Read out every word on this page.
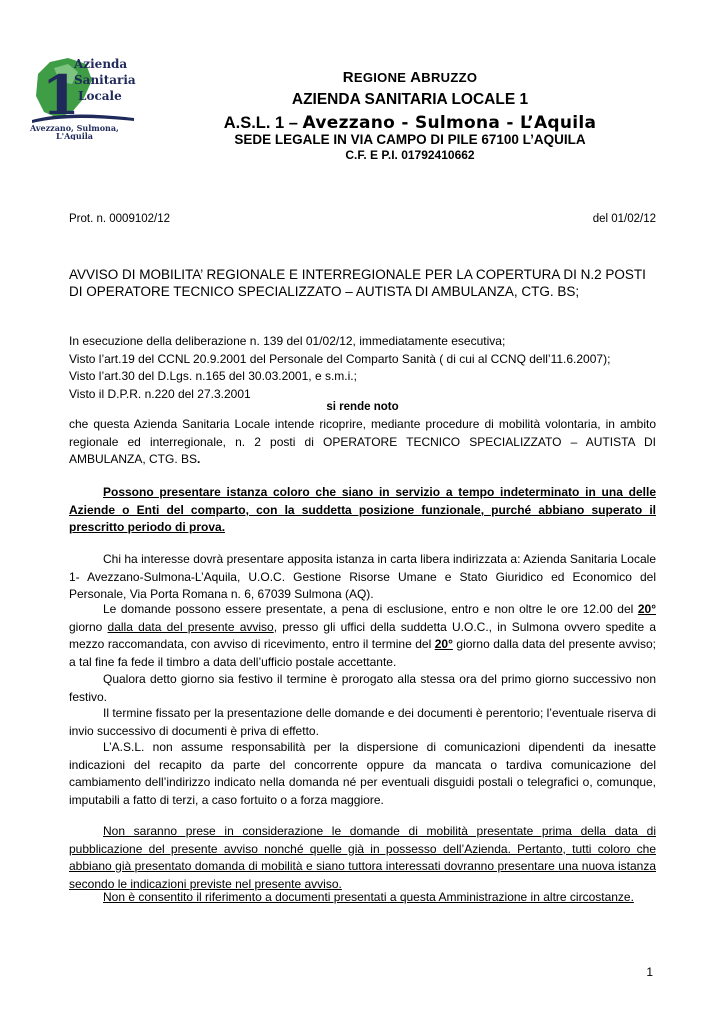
1
Azienda
Sanitaria
Locale
Avezzano, Sulmona,
L'Aquila
REGIONE ABRUZZO
AZIENDA SANITARIA LOCALE 1
A.S.L. 1 – Avezzano - Sulmona - L’Aquila
SEDE LEGALE IN VIA CAMPO DI PILE 67100 L’AQUILA
C.F. E P.I. 01792410662
Prot. n. 0009102/12	del 01/02/12
AVVISO DI MOBILITA’ REGIONALE E INTERREGIONALE PER LA COPERTURA DI N.2 POSTI DI OPERATORE TECNICO SPECIALIZZATO – AUTISTA DI AMBULANZA, CTG. BS;
In esecuzione della deliberazione n. 139 del 01/02/12, immediatamente esecutiva;
Visto l’art.19 del CCNL 20.9.2001 del Personale del Comparto Sanità ( di cui al CCNQ dell’11.6.2007);
Visto l’art.30 del D.Lgs. n.165 del 30.03.2001, e s.m.i.;
Visto il D.P.R. n.220 del 27.3.2001
si rende noto
che questa Azienda Sanitaria Locale intende ricoprire, mediante procedure di mobilità volontaria, in ambito regionale ed interregionale, n. 2 posti di OPERATORE TECNICO SPECIALIZZATO – AUTISTA DI AMBULANZA, CTG. BS.
Possono presentare istanza coloro che siano in servizio a tempo indeterminato in una delle Aziende o Enti del comparto, con la suddetta posizione funzionale, purché abbiano superato il prescritto periodo di prova.
Chi ha interesse dovrà presentare apposita istanza in carta libera indirizzata a: Azienda Sanitaria Locale 1- Avezzano-Sulmona-L’Aquila, U.O.C. Gestione Risorse Umane e Stato Giuridico ed Economico del Personale, Via Porta Romana n. 6, 67039 Sulmona (AQ).
Le domande possono essere presentate, a pena di esclusione, entro e non oltre le ore 12.00 del 20° giorno dalla data del presente avviso, presso gli uffici della suddetta U.O.C., in Sulmona ovvero spedite a mezzo raccomandata, con avviso di ricevimento, entro il termine del 20° giorno dalla data del presente avviso; a tal fine fa fede il timbro a data dell’ufficio postale accettante.
Qualora detto giorno sia festivo il termine è prorogato alla stessa ora del primo giorno successivo non festivo.
Il termine fissato per la presentazione delle domande e dei documenti è perentorio; l’eventuale riserva di invio successivo di documenti è priva di effetto.
L’A.S.L. non assume responsabilità per la dispersione di comunicazioni dipendenti da inesatte indicazioni del recapito da parte del concorrente oppure da mancata o tardiva comunicazione del cambiamento dell’indirizzo indicato nella domanda né per eventuali disguidi postali o telegrafici o, comunque, imputabili a fatto di terzi, a caso fortuito o a forza maggiore.
Non saranno prese in considerazione le domande di mobilità presentate prima della data di pubblicazione del presente avviso nonché quelle già in possesso dell’Azienda. Pertanto, tutti coloro che abbiano già presentato domanda di mobilità e siano tuttora interessati dovranno presentare una nuova istanza secondo le indicazioni previste nel presente avviso.
Non è consentito il riferimento a documenti presentati a questa Amministrazione in altre circostanze.
1
